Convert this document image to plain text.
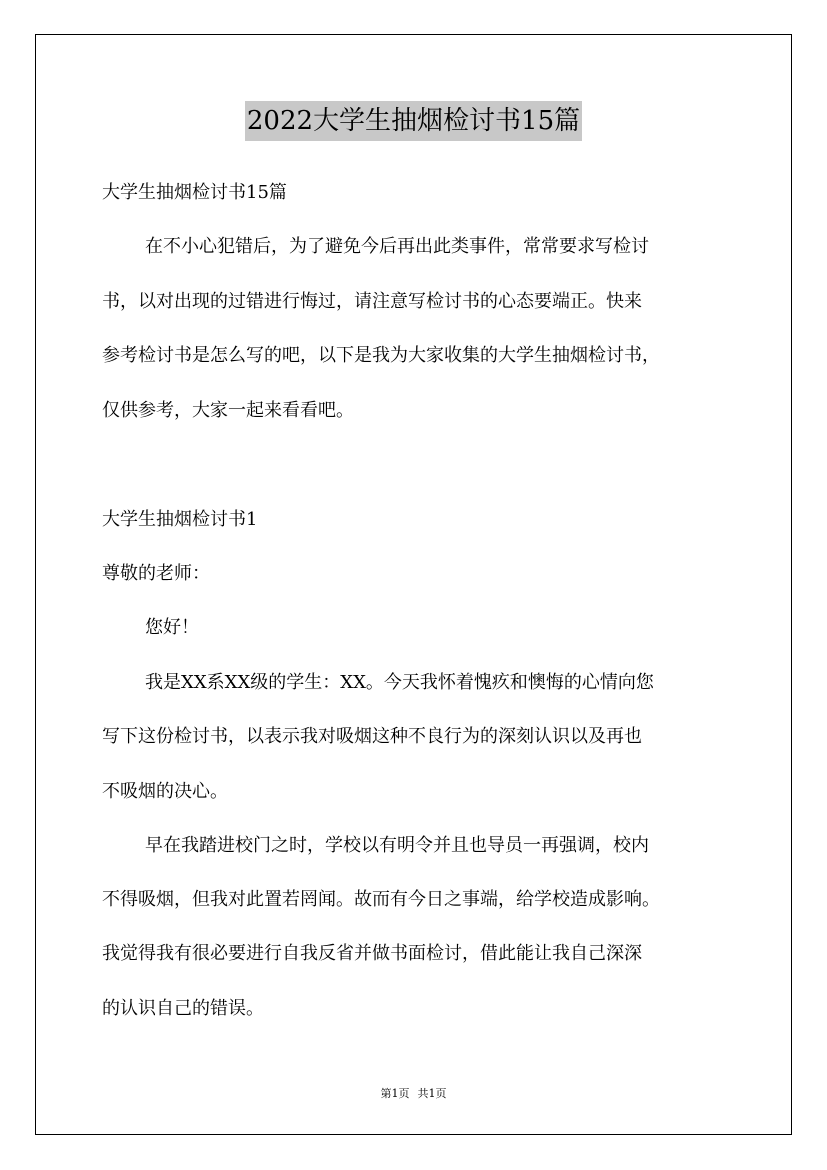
2022大学生抽烟检讨书15篇
大学生抽烟检讨书15篇
在不小心犯错后，为了避免今后再出此类事件，常常要求写检讨
书，以对出现的过错进行悔过，请注意写检讨书的心态要端正。快来
参考检讨书是怎么写的吧，以下是我为大家收集的大学生抽烟检讨书，
仅供参考，大家一起来看看吧。
大学生抽烟检讨书1
尊敬的老师：
您好！
我是XX系XX级的学生：XX。今天我怀着愧疚和懊悔的心情向您
写下这份检讨书，以表示我对吸烟这种不良行为的深刻认识以及再也
不吸烟的决心。
早在我踏进校门之时，学校以有明令并且也导员一再强调，校内
不得吸烟，但我对此置若罔闻。故而有今日之事端，给学校造成影响。
我觉得我有很必要进行自我反省并做书面检讨，借此能让我自己深深
的认识自己的错误。
第1页 共1页
